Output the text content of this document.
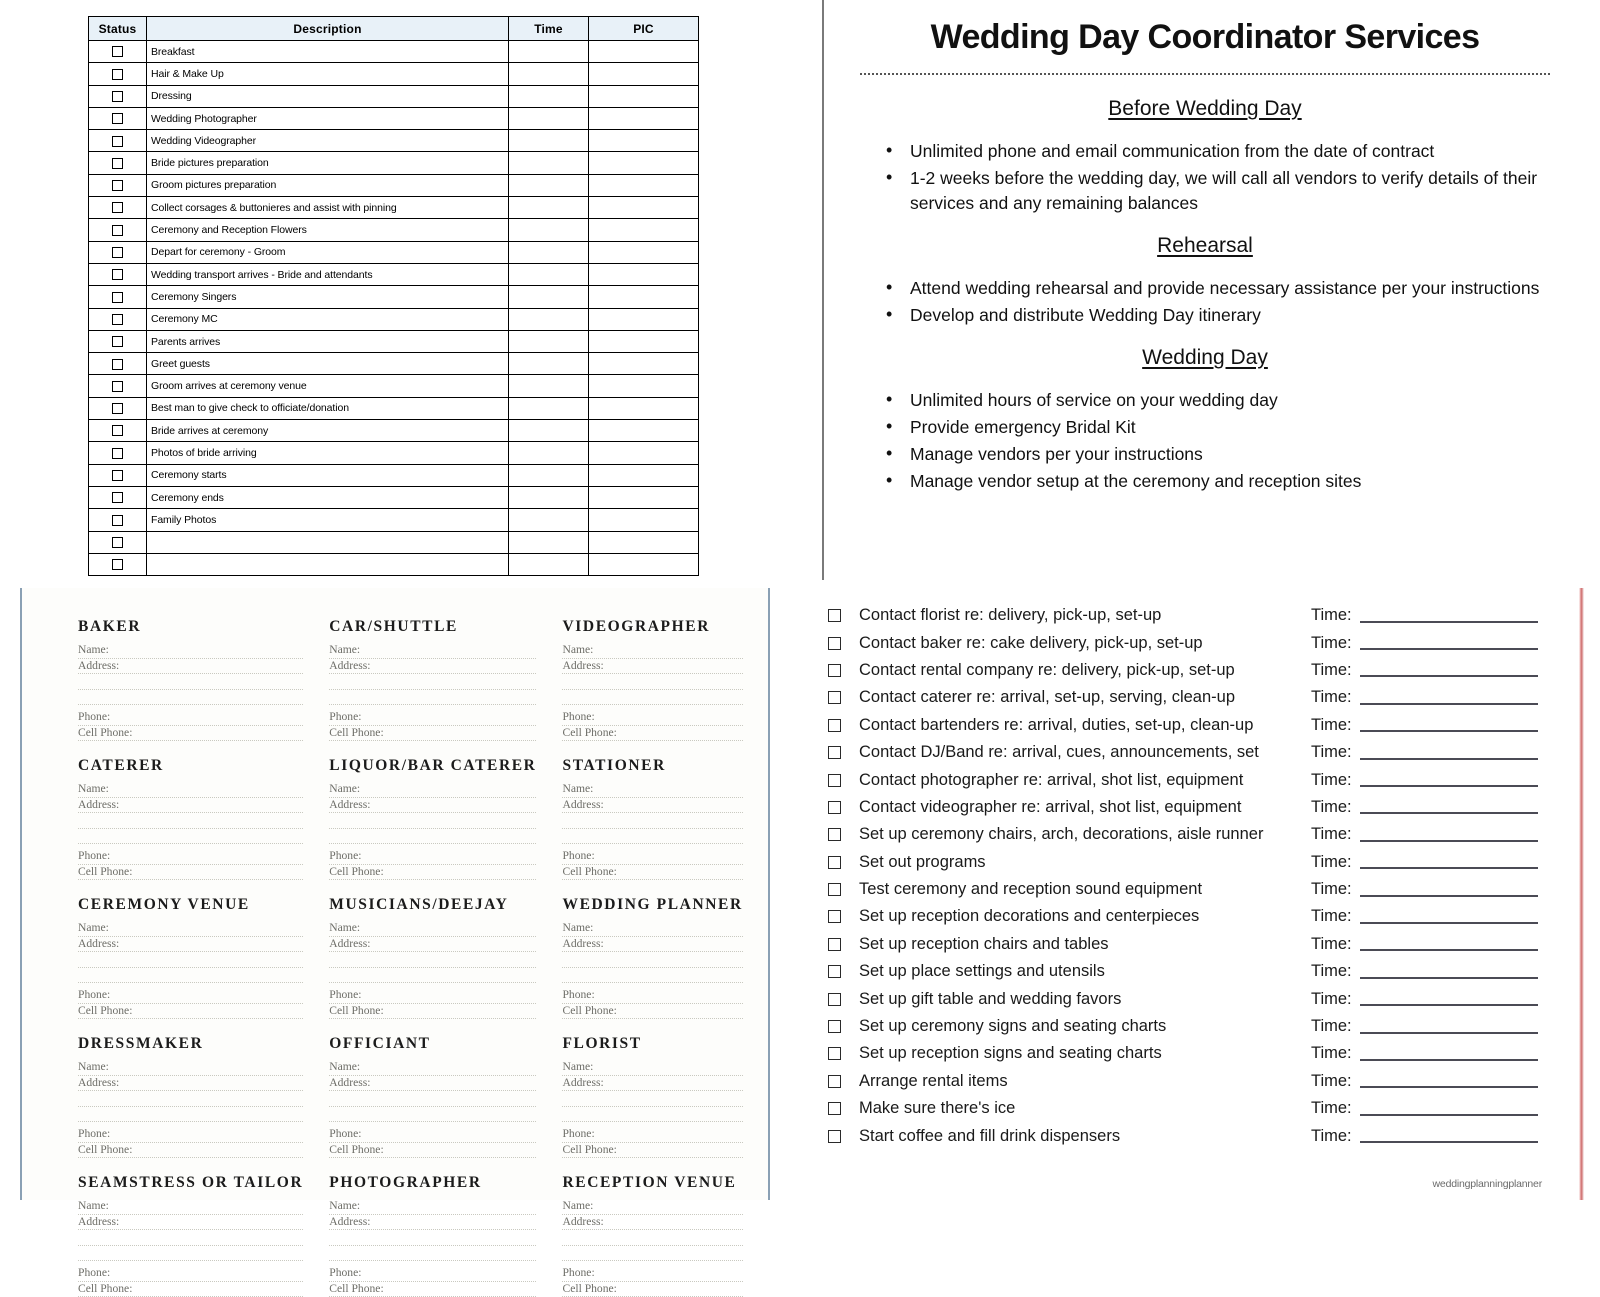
Status	Description	Time	PIC
	Breakfast		
	Hair & Make Up		
	Dressing		
	Wedding Photographer		
	Wedding Videographer		
	Bride pictures preparation		
	Groom pictures preparation		
	Collect corsages & buttonieres and assist with pinning		
	Ceremony and Reception Flowers		
	Depart for ceremony - Groom		
	Wedding transport arrives - Bride and attendants		
	Ceremony Singers		
	Ceremony MC		
	Parents arrives		
	Greet guests		
	Groom arrives at ceremony venue		
	Best man to give check to officiate/donation		
	Bride arrives at ceremony		
	Photos of bride arriving		
	Ceremony starts		
	Ceremony ends		
	Family Photos		

Wedding Day Coordinator Services
Before Wedding Day
• Unlimited phone and email communication from the date of contract
• 1-2 weeks before the wedding day, we will call all vendors to verify details of their services and any remaining balances
Rehearsal
• Attend wedding rehearsal and provide necessary assistance per your instructions
• Develop and distribute Wedding Day itinerary
Wedding Day
• Unlimited hours of service on your wedding day
• Provide emergency Bridal Kit
• Manage vendors per your instructions
• Manage vendor setup at the ceremony and reception sites
BAKER
Name:
Address:

Phone:
Cell Phone:
CAR/SHUTTLE
Name:
Address:

Phone:
Cell Phone:
VIDEOGRAPHER
Name:
Address:

Phone:
Cell Phone:
CATERER
Name:
Address:

Phone:
Cell Phone:
LIQUOR/BAR CATERER
Name:
Address:

Phone:
Cell Phone:
STATIONER
Name:
Address:

Phone:
Cell Phone:
CEREMONY VENUE
Name:
Address:

Phone:
Cell Phone:
MUSICIANS/DEEJAY
Name:
Address:

Phone:
Cell Phone:
WEDDING PLANNER
Name:
Address:

Phone:
Cell Phone:
DRESSMAKER
Name:
Address:

Phone:
Cell Phone:
OFFICIANT
Name:
Address:

Phone:
Cell Phone:
FLORIST
Name:
Address:

Phone:
Cell Phone:
SEAMSTRESS OR TAILOR
Name:
Address:

Phone:
Cell Phone:
PHOTOGRAPHER
Name:
Address:

Phone:
Cell Phone:
RECEPTION VENUE
Name:
Address:

Phone:
Cell Phone:
Contact florist re: delivery, pick-up, set-up	Time:
Contact baker re: cake delivery, pick-up, set-up	Time:
Contact rental company re: delivery, pick-up, set-up	Time:
Contact caterer re: arrival, set-up, serving, clean-up	Time:
Contact bartenders re: arrival, duties, set-up, clean-up	Time:
Contact DJ/Band re: arrival, cues, announcements, set	Time:
Contact photographer re: arrival, shot list, equipment	Time:
Contact videographer re: arrival, shot list, equipment	Time:
Set up ceremony chairs, arch, decorations, aisle runner	Time:
Set out programs	Time:
Test ceremony and reception sound equipment	Time:
Set up reception decorations and centerpieces	Time:
Set up reception chairs and tables	Time:
Set up place settings and utensils	Time:
Set up gift table and wedding favors	Time:
Set up ceremony signs and seating charts	Time:
Set up reception signs and seating charts	Time:
Arrange rental items	Time:
Make sure there's ice	Time:
Start coffee and fill drink dispensers	Time:
weddingplanningplanner
